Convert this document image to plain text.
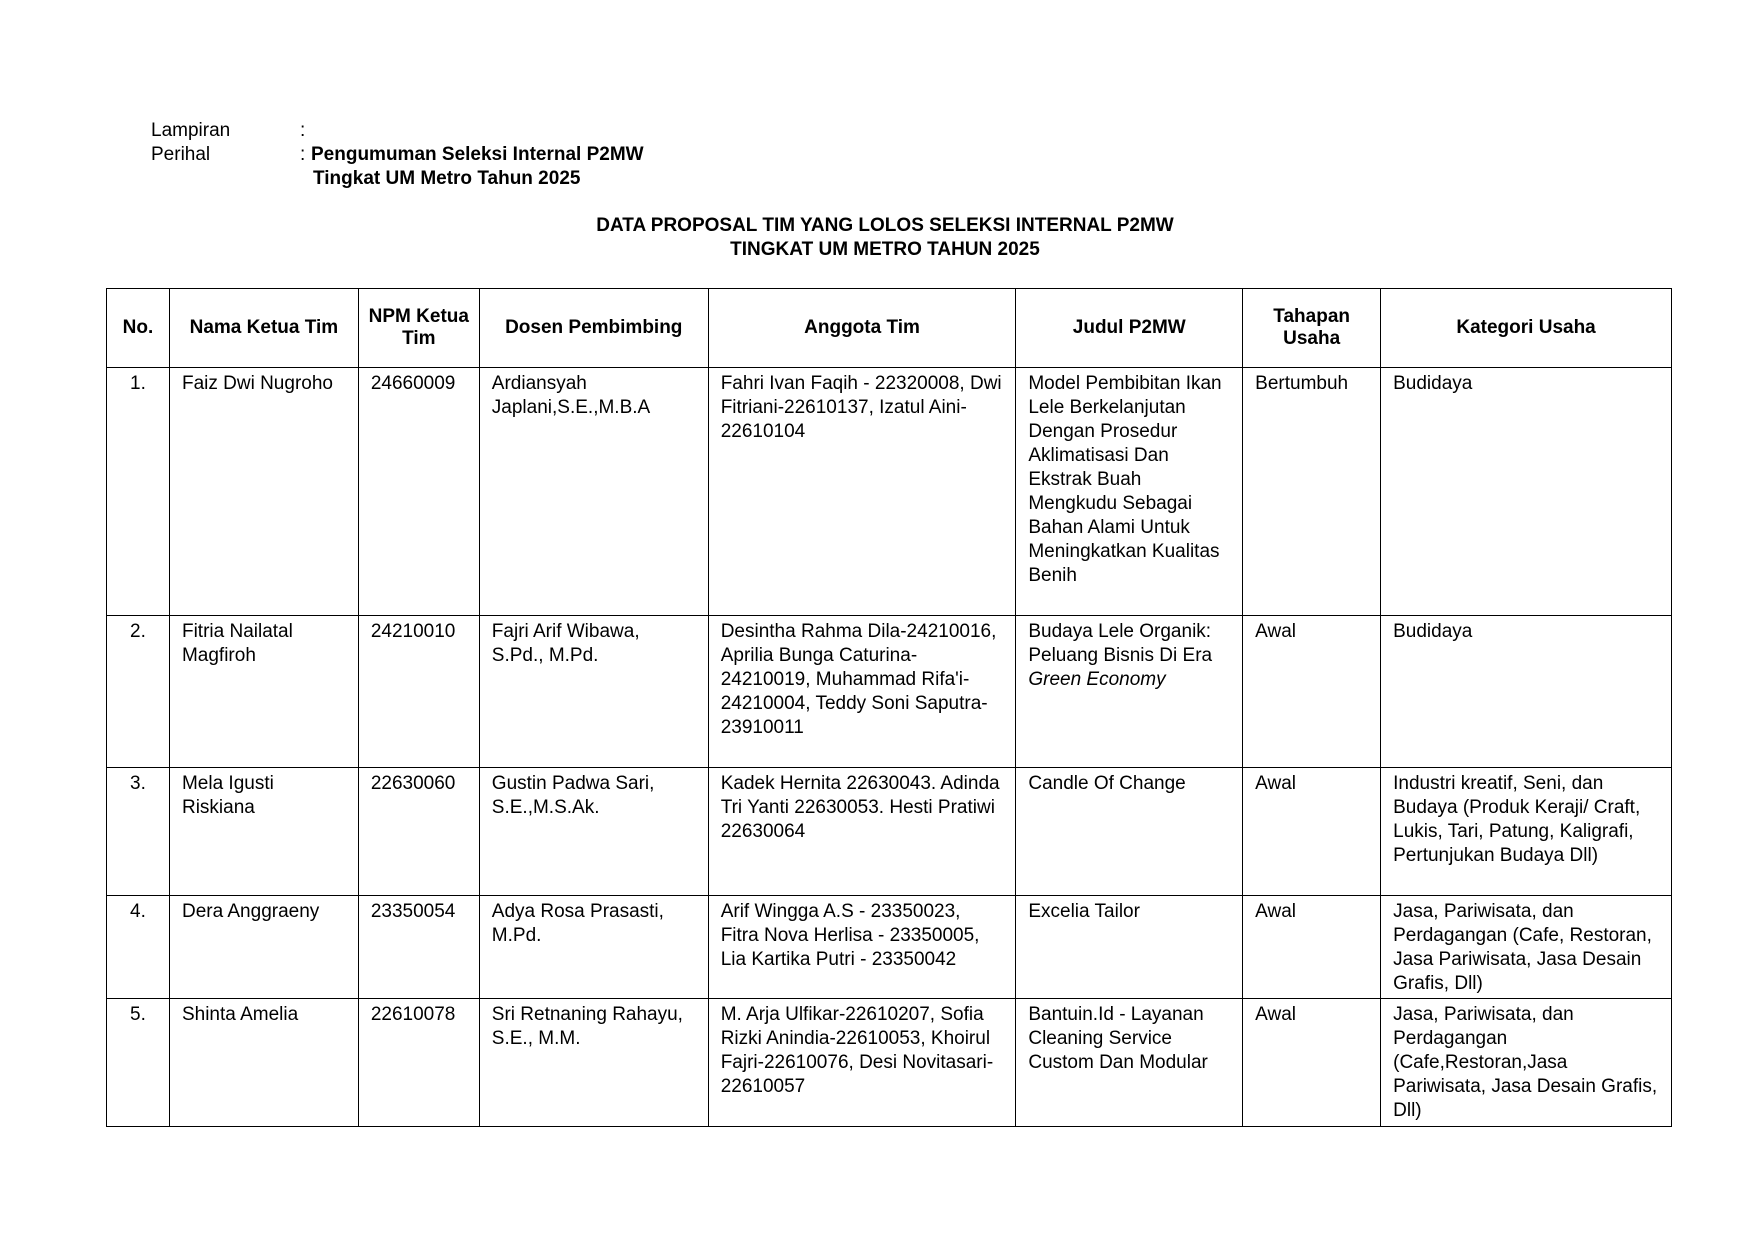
Lampiran	:
Perihal	: Pengumuman Seleksi Internal P2MW
Tingkat UM Metro Tahun 2025
DATA PROPOSAL TIM YANG LOLOS SELEKSI INTERNAL P2MW
TINGKAT UM METRO TAHUN 2025
No.	Nama Ketua Tim	NPM Ketua Tim	Dosen Pembimbing	Anggota Tim	Judul P2MW	Tahapan Usaha	Kategori Usaha
1.	Faiz Dwi Nugroho	24660009	Ardiansyah Japlani,S.E.,M.B.A	Fahri Ivan Faqih - 22320008, Dwi Fitriani-22610137, Izatul Aini-22610104	Model Pembibitan Ikan Lele Berkelanjutan Dengan Prosedur Aklimatisasi Dan Ekstrak Buah Mengkudu Sebagai Bahan Alami Untuk Meningkatkan Kualitas Benih	Bertumbuh	Budidaya
2.	Fitria Nailatal Magfiroh	24210010	Fajri Arif Wibawa, S.Pd., M.Pd.	Desintha Rahma Dila-24210016, Aprilia Bunga Caturina-24210019, Muhammad Rifa'i-24210004, Teddy Soni Saputra-23910011	Budaya Lele Organik: Peluang Bisnis Di Era Green Economy	Awal	Budidaya
3.	Mela Igusti Riskiana	22630060	Gustin Padwa Sari, S.E.,M.S.Ak.	Kadek Hernita 22630043. Adinda Tri Yanti 22630053. Hesti Pratiwi 22630064	Candle Of Change	Awal	Industri kreatif, Seni, dan Budaya (Produk Keraji/ Craft, Lukis, Tari, Patung, Kaligrafi, Pertunjukan Budaya Dll)
4.	Dera Anggraeny	23350054	Adya Rosa Prasasti, M.Pd.	Arif Wingga A.S - 23350023, Fitra Nova Herlisa - 23350005, Lia Kartika Putri - 23350042	Excelia Tailor	Awal	Jasa, Pariwisata, dan Perdagangan (Cafe, Restoran, Jasa Pariwisata, Jasa Desain Grafis, Dll)
5.	Shinta Amelia	22610078	Sri Retnaning Rahayu, S.E., M.M.	M. Arja Ulfikar-22610207, Sofia Rizki Anindia-22610053, Khoirul Fajri-22610076, Desi Novitasari-22610057	Bantuin.Id - Layanan Cleaning Service Custom Dan Modular	Awal	Jasa, Pariwisata, dan Perdagangan (Cafe,Restoran,Jasa Pariwisata, Jasa Desain Grafis, Dll)
